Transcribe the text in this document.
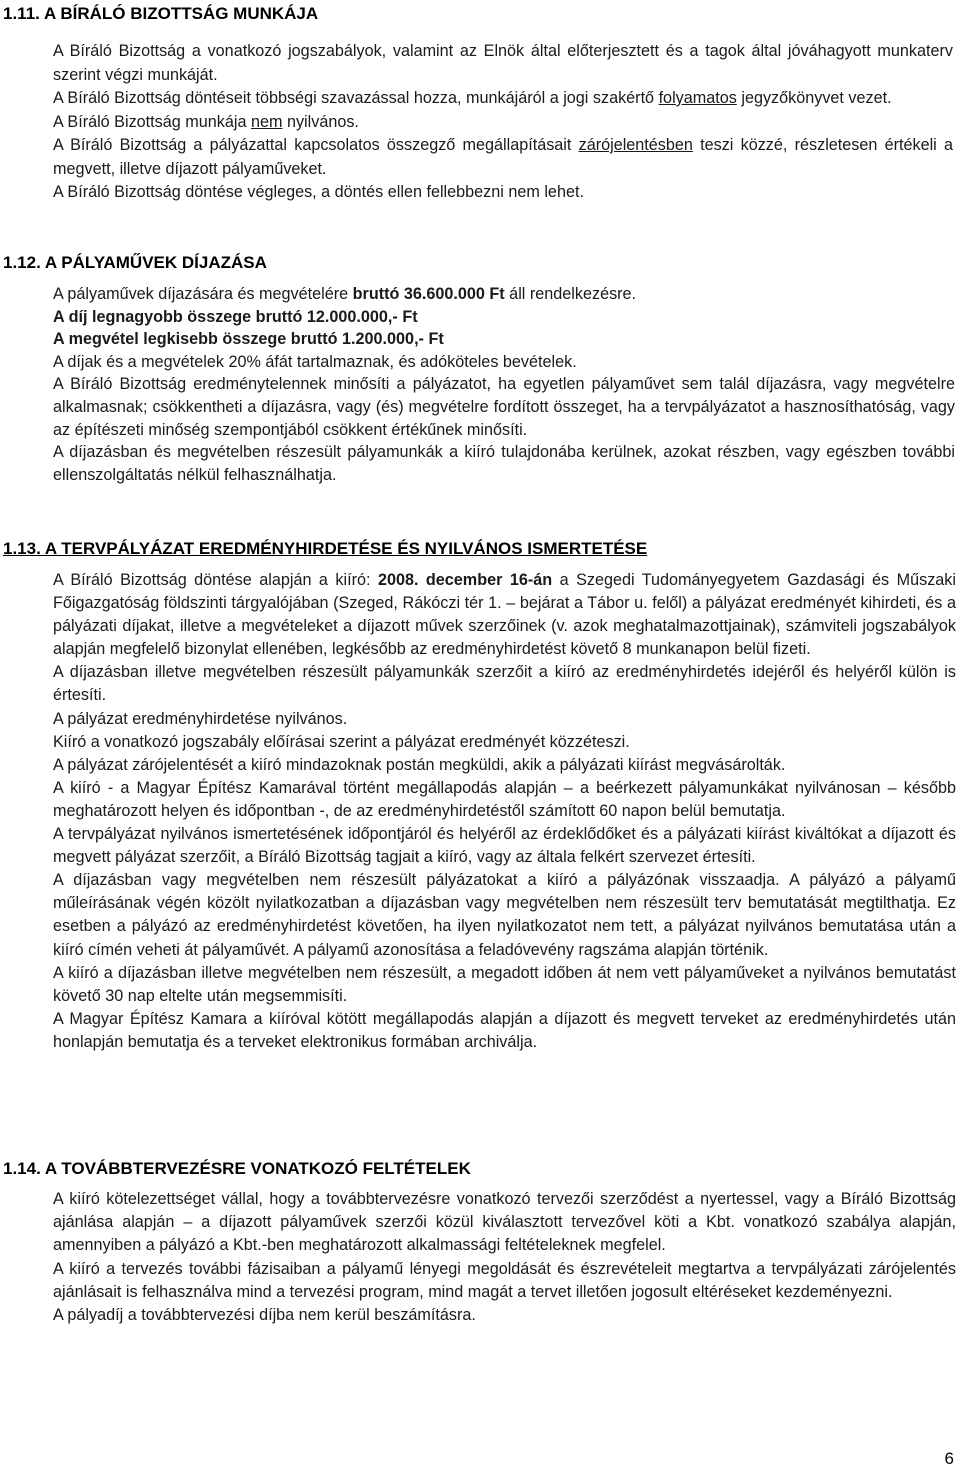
1.11. A BÍRÁLÓ BIZOTTSÁG MUNKÁJA

A Bíráló Bizottság a vonatkozó jogszabályok, valamint az Elnök által előterjesztett és a tagok által jóváhagyott munkaterv szerint végzi munkáját.

A Bíráló Bizottság döntéseit többségi szavazással hozza, munkájáról a jogi szakértő folyamatos jegyzőkönyvet vezet.

A Bíráló Bizottság munkája nem nyilvános.

A Bíráló Bizottság a pályázattal kapcsolatos összegző megállapításait zárójelentésben teszi közzé, részletesen értékeli a megvett, illetve díjazott pályaműveket.

A Bíráló Bizottság döntése végleges, a döntés ellen fellebbezni nem lehet.

1.12. A PÁLYAMŰVEK DÍJAZÁSA

A pályaművek díjazására és megvételére bruttó 36.600.000 Ft áll rendelkezésre.

A díj legnagyobb összege bruttó 12.000.000,- Ft

A megvétel legkisebb összege bruttó 1.200.000,- Ft

A díjak és a megvételek 20% áfát tartalmaznak, és adóköteles bevételek.

A Bíráló Bizottság eredménytelennek minősíti a pályázatot, ha egyetlen pályaművet sem talál díjazásra, vagy megvételre alkalmasnak; csökkentheti a díjazásra, vagy (és) megvételre fordított összeget, ha a tervpályázatot a hasznosíthatóság, vagy az építészeti minőség szempontjából csökkent értékűnek minősíti.

A díjazásban és megvételben részesült pályamunkák a kiíró tulajdonába kerülnek, azokat részben, vagy egészben további ellenszolgáltatás nélkül felhasználhatja.

1.13. A TERVPÁLYÁZAT EREDMÉNYHIRDETÉSE ÉS NYILVÁNOS ISMERTETÉSE

A Bíráló Bizottság döntése alapján a kiíró: 2008. december 16-án a Szegedi Tudományegyetem Gazdasági és Műszaki Főigazgatóság földszinti tárgyalójában (Szeged, Rákóczi tér 1. – bejárat a Tábor u. felől) a pályázat eredményét kihirdeti, és a pályázati díjakat, illetve a megvételeket a díjazott művek szerzőinek (v. azok meghatalmazottjainak), számviteli jogszabályok alapján megfelelő bizonylat ellenében, legkésőbb az eredményhirdetést követő 8 munkanapon belül fizeti.

A díjazásban illetve megvételben részesült pályamunkák szerzőit a kiíró az eredményhirdetés idejéről és helyéről külön is értesíti.

A pályázat eredményhirdetése nyilvános.

Kiíró a vonatkozó jogszabály előírásai szerint a pályázat eredményét közzéteszi.

A pályázat zárójelentését a kiíró mindazoknak postán megküldi, akik a pályázati kiírást megvásárolták.

A kiíró - a Magyar Építész Kamarával történt megállapodás alapján – a beérkezett pályamunkákat nyilvánosan – később meghatározott helyen és időpontban -, de az eredményhirdetéstől számított 60 napon belül bemutatja.

A tervpályázat nyilvános ismertetésének időpontjáról és helyéről az érdeklődőket és a pályázati kiírást kiváltókat a díjazott és megvett pályázat szerzőit, a Bíráló Bizottság tagjait a kiíró, vagy az általa felkért szervezet értesíti.

A díjazásban vagy megvételben nem részesült pályázatokat a kiíró a pályázónak visszaadja. A pályázó a pályamű műleírásának végén közölt nyilatkozatban a díjazásban vagy megvételben nem részesült terv bemutatását megtilthatja. Ez esetben a pályázó az eredményhirdetést követően, ha ilyen nyilatkozatot nem tett, a pályázat nyilvános bemutatása után a kiíró címén veheti át pályaművét. A pályamű azonosítása a feladóvevény ragszáma alapján történik.

A kiíró a díjazásban illetve megvételben nem részesült, a megadott időben át nem vett pályaműveket a nyilvános bemutatást követő 30 nap eltelte után megsemmisíti.

A Magyar Építész Kamara a kiíróval kötött megállapodás alapján a díjazott és megvett terveket az eredményhirdetés után honlapján bemutatja és a terveket elektronikus formában archiválja.

1.14. A TOVÁBBTERVEZÉSRE VONATKOZÓ FELTÉTELEK

A kiíró kötelezettséget vállal, hogy a továbbtervezésre vonatkozó tervezői szerződést a nyertessel, vagy a Bíráló Bizottság ajánlása alapján – a díjazott pályaművek szerzői közül kiválasztott tervezővel köti a Kbt. vonatkozó szabálya alapján, amennyiben a pályázó a Kbt.-ben meghatározott alkalmassági feltételeknek megfelel.

A kiíró a tervezés további fázisaiban a pályamű lényegi megoldását és észrevételeit megtartva a tervpályázati zárójelentés ajánlásait is felhasználva mind a tervezési program, mind magát a tervet illetően jogosult eltéréseket kezdeményezni.

A pályadíj a továbbtervezési díjba nem kerül beszámításra.

6
